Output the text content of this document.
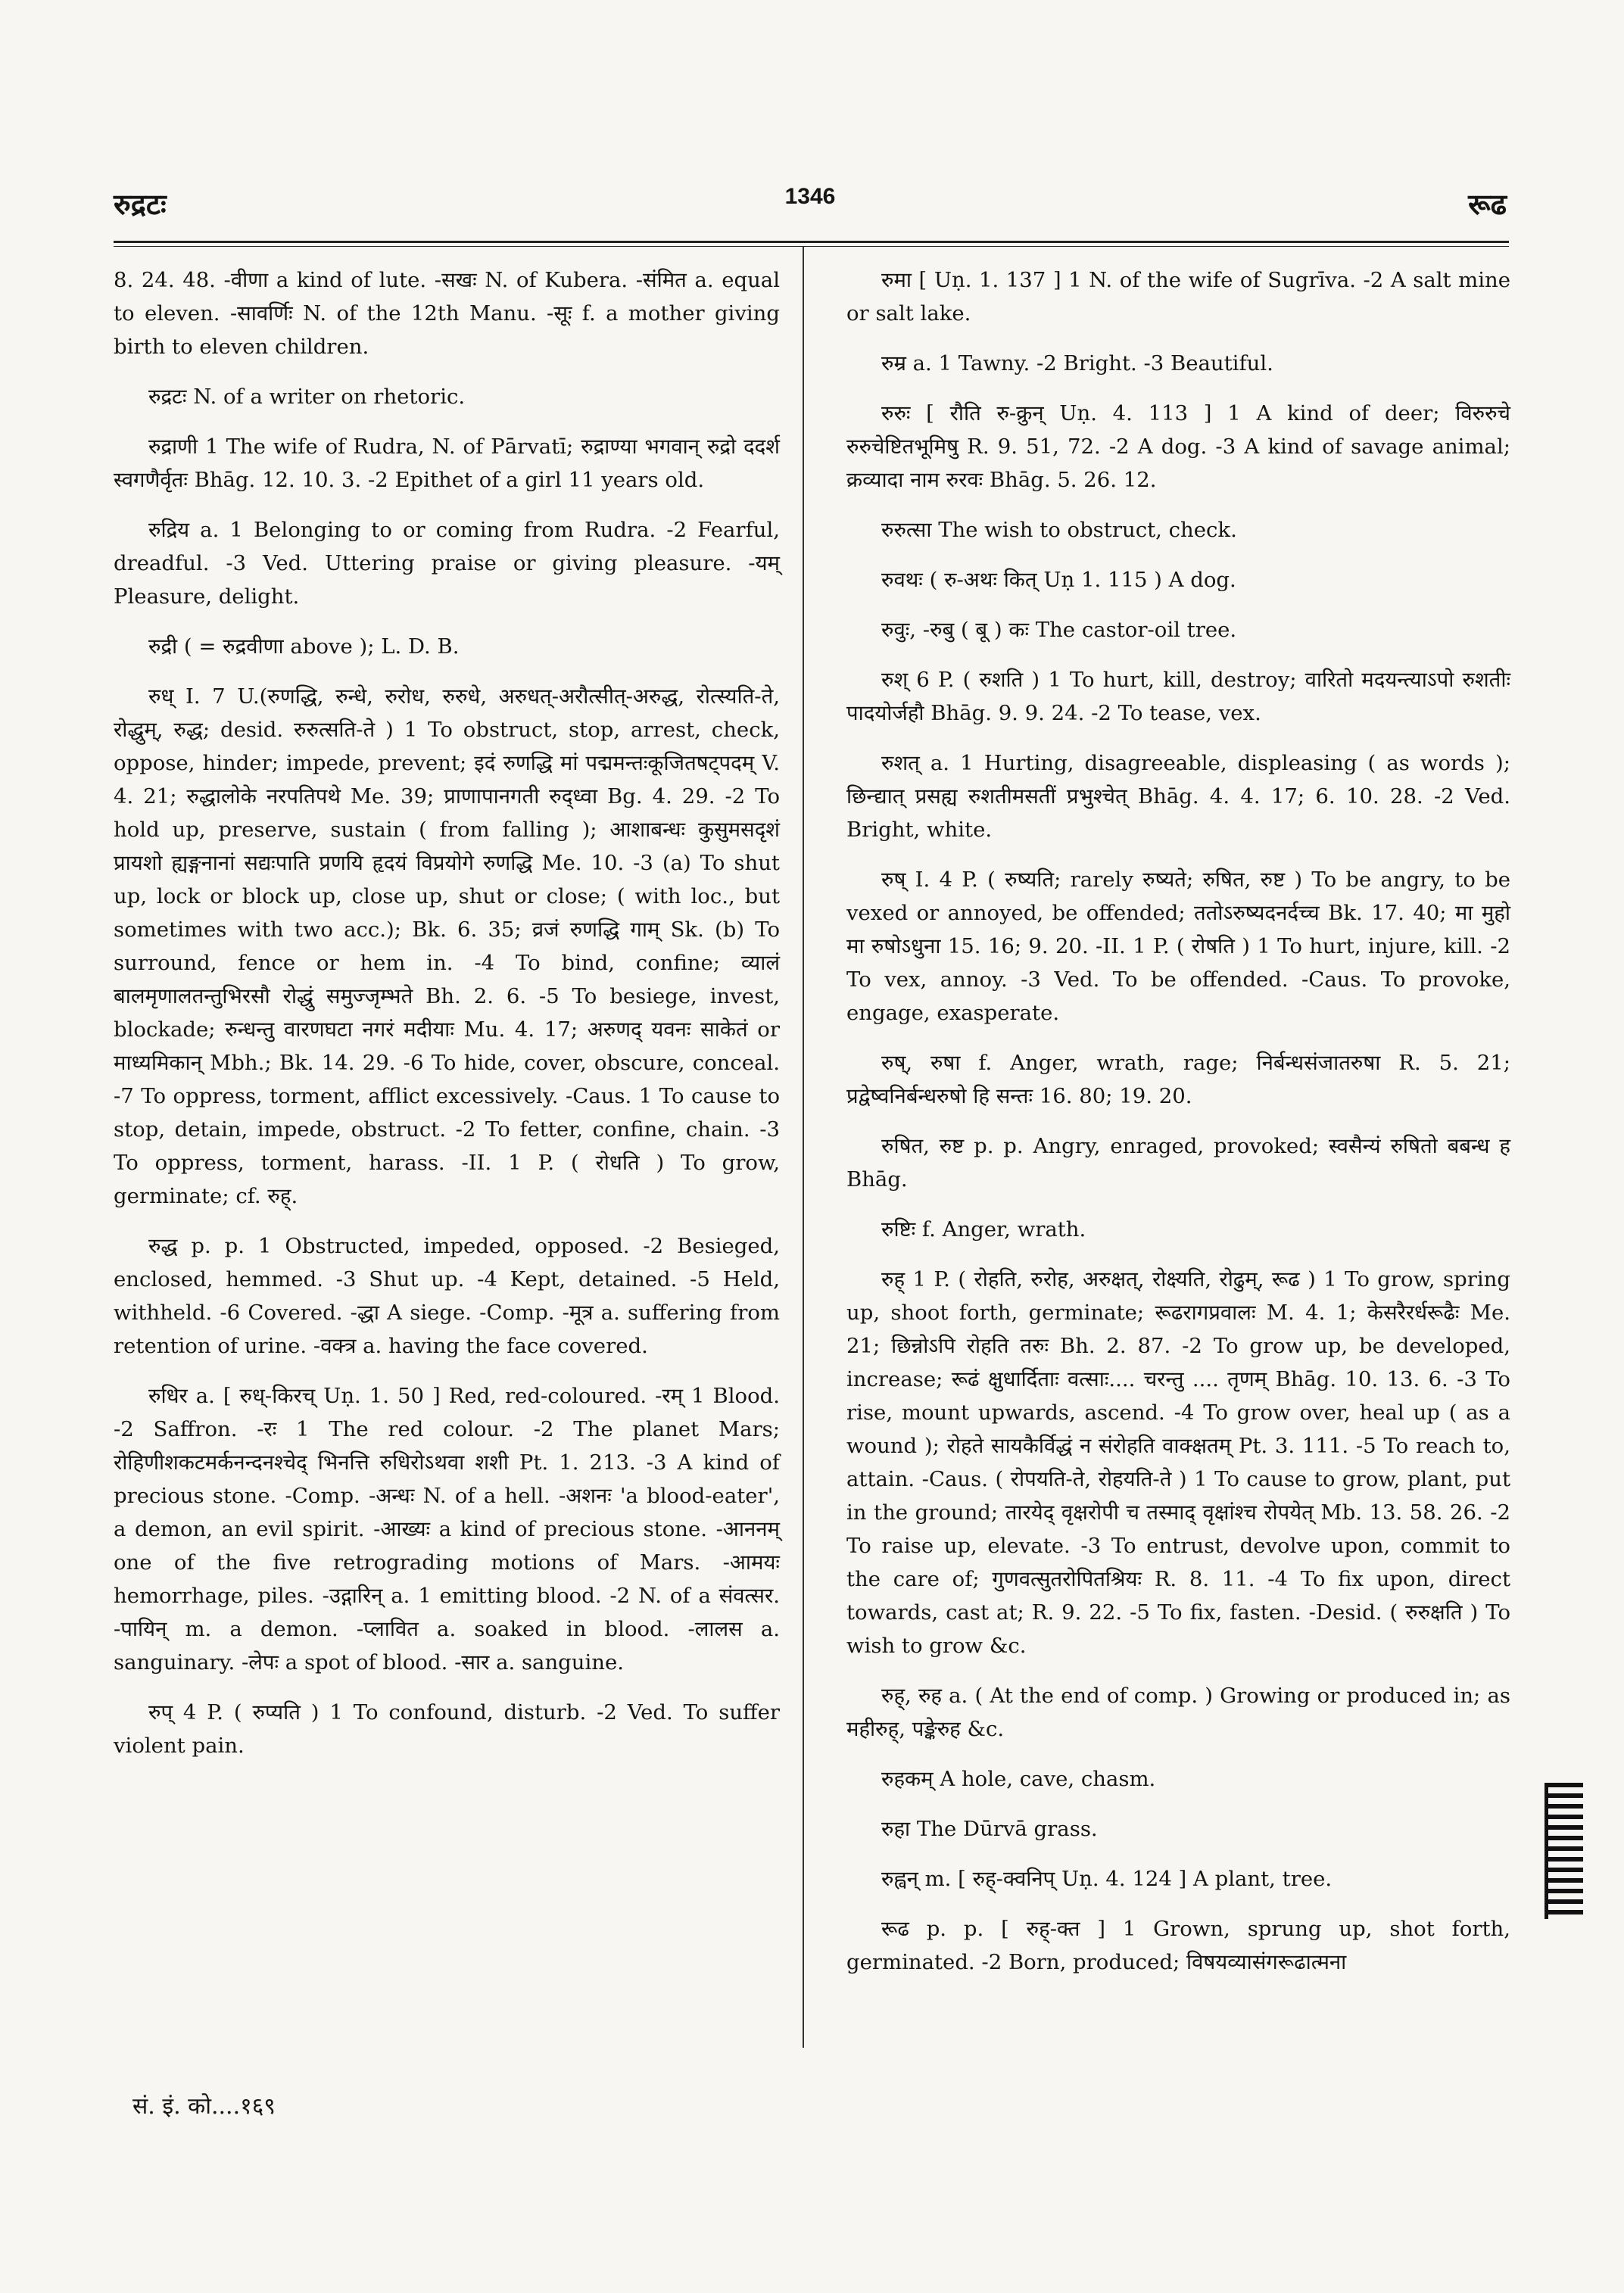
रुद्रटः	1346	रूढ

8. 24. 48. -वीणा a kind of lute. -सखः N. of Kubera. -संमित a. equal to eleven. -सावर्णिः N. of the 12th Manu. -सूः f. a mother giving birth to eleven children.

रुद्रटः N. of a writer on rhetoric.

रुद्राणी 1 The wife of Rudra, N. of Pārvatī; रुद्राण्या भगवान् रुद्रो ददर्श स्वगणैर्वृतः Bhāg. 12. 10. 3. -2 Epithet of a girl 11 years old.

रुद्रिय a. 1 Belonging to or coming from Rudra. -2 Fearful, dreadful. -3 Ved. Uttering praise or giving pleasure. -यम् Pleasure, delight.

रुद्री ( = रुद्रवीणा above ); L. D. B.

रुध् I. 7 U.(रुणद्धि, रुन्धे, रुरोध, रुरुधे, अरुधत्-अरौत्सीत्-अरुद्ध, रोत्स्यति-ते, रोद्धुम्, रुद्ध; desid. रुरुत्सति-ते ) 1 To obstruct, stop, arrest, check, oppose, hinder; impede, prevent; इदं रुणद्धि मां पद्ममन्तःकूजितषट्पदम् V. 4. 21; रुद्धालोके नरपतिपथे Me. 39; प्राणापानगती रुद्ध्वा Bg. 4. 29. -2 To hold up, preserve, sustain ( from falling ); आशाबन्धः कुसुमसदृशं प्रायशो ह्यङ्गनानां सद्यःपाति प्रणयि हृदयं विप्रयोगे रुणद्धि Me. 10. -3 (a) To shut up, lock or block up, close up, shut or close; ( with loc., but sometimes with two acc.); Bk. 6. 35; व्रजं रुणद्धि गाम् Sk. (b) To surround, fence or hem in. -4 To bind, confine; व्यालं बालमृणालतन्तुभिरसौ रोद्धुं समुज्जृम्भते Bh. 2. 6. -5 To besiege, invest, blockade; रुन्धन्तु वारणघटा नगरं मदीयाः Mu. 4. 17; अरुणद् यवनः साकेतं or माध्यमिकान् Mbh.; Bk. 14. 29. -6 To hide, cover, obscure, conceal. -7 To oppress, torment, afflict excessively. -Caus. 1 To cause to stop, detain, impede, obstruct. -2 To fetter, confine, chain. -3 To oppress, torment, harass. -II. 1 P. ( रोधति ) To grow, germinate; cf. रुह्.

रुद्ध p. p. 1 Obstructed, impeded, opposed. -2 Besieged, enclosed, hemmed. -3 Shut up. -4 Kept, detained. -5 Held, withheld. -6 Covered. -द्धा A siege. -Comp. -मूत्र a. suffering from retention of urine. -वक्त्र a. having the face covered.

रुधिर a. [ रुध्-किरच् Uṇ. 1. 50 ] Red, red-coloured. -रम् 1 Blood. -2 Saffron. -रः 1 The red colour. -2 The planet Mars; रोहिणीशकटमर्कनन्दनश्चेद् भिनत्ति रुधिरोऽथवा शशी Pt. 1. 213. -3 A kind of precious stone. -Comp. -अन्धः N. of a hell. -अशनः 'a blood-eater', a demon, an evil spirit. -आख्यः a kind of precious stone. -आननम् one of the five retrograding motions of Mars. -आमयः hemorrhage, piles. -उद्गारिन् a. 1 emitting blood. -2 N. of a संवत्सर. -पायिन् m. a demon. -प्लावित a. soaked in blood. -लालस a. sanguinary. -लेपः a spot of blood. -सार a. sanguine.

रुप् 4 P. ( रुप्यति ) 1 To confound, disturb. -2 Ved. To suffer violent pain.

रुमा [ Uṇ. 1. 137 ] 1 N. of the wife of Sugrīva. -2 A salt mine or salt lake.

रुम्र a. 1 Tawny. -2 Bright. -3 Beautiful.

रुरुः [ रौति रु-क्रुन् Uṇ. 4. 113 ] 1 A kind of deer; विरुरुचे रुरुचेष्टितभूमिषु R. 9. 51, 72. -2 A dog. -3 A kind of savage animal; क्रव्यादा नाम रुरवः Bhāg. 5. 26. 12.

रुरुत्सा The wish to obstruct, check.

रुवथः ( रु-अथः कित् Uṇ 1. 115 ) A dog.

रुवुः, -रुबु ( बू ) कः The castor-oil tree.

रुश् 6 P. ( रुशति ) 1 To hurt, kill, destroy; वारितो मदयन्त्याऽपो रुशतीः पादयोर्जहौ Bhāg. 9. 9. 24. -2 To tease, vex.

रुशत् a. 1 Hurting, disagreeable, displeasing ( as words ); छिन्द्यात् प्रसह्य रुशतीमसतीं प्रभुश्चेत् Bhāg. 4. 4. 17; 6. 10. 28. -2 Ved. Bright, white.

रुष् I. 4 P. ( रुष्यति; rarely रुष्यते; रुषित, रुष्ट ) To be angry, to be vexed or annoyed, be offended; ततोऽरुष्यदनर्दच्च Bk. 17. 40; मा मुहो मा रुषोऽधुना 15. 16; 9. 20. -II. 1 P. ( रोषति ) 1 To hurt, injure, kill. -2 To vex, annoy. -3 Ved. To be offended. -Caus. To provoke, engage, exasperate.

रुष्, रुषा f. Anger, wrath, rage; निर्बन्धसंजातरुषा R. 5. 21; प्रद्वेष्वनिर्बन्धरुषो हि सन्तः 16. 80; 19. 20.

रुषित, रुष्ट p. p. Angry, enraged, provoked; स्वसैन्यं रुषितो बबन्ध ह Bhāg.

रुष्टिः f. Anger, wrath.

रुह् 1 P. ( रोहति, रुरोह, अरुक्षत्, रोक्ष्यति, रोढुम्, रूढ ) 1 To grow, spring up, shoot forth, germinate; रूढरागप्रवालः M. 4. 1; केसरैरर्धरूढैः Me. 21; छिन्नोऽपि रोहति तरुः Bh. 2. 87. -2 To grow up, be developed, increase; रूढं क्षुधार्दिताः वत्साः.... चरन्तु .... तृणम् Bhāg. 10. 13. 6. -3 To rise, mount upwards, ascend. -4 To grow over, heal up ( as a wound ); रोहते सायकैर्विद्धं न संरोहति वाक्क्षतम् Pt. 3. 111. -5 To reach to, attain. -Caus. ( रोपयति-ते, रोहयति-ते ) 1 To cause to grow, plant, put in the ground; तारयेद् वृक्षरोपी च तस्माद् वृक्षांश्च रोपयेत् Mb. 13. 58. 26. -2 To raise up, elevate. -3 To entrust, devolve upon, commit to the care of; गुणवत्सुतरोपितश्रियः R. 8. 11. -4 To fix upon, direct towards, cast at; R. 9. 22. -5 To fix, fasten. -Desid. ( रुरुक्षति ) To wish to grow &c.

रुह्, रुह a. ( At the end of comp. ) Growing or produced in; as महीरुह्, पङ्केरुह &c.

रुहकम् A hole, cave, chasm.

रुहा The Dūrvā grass.

रुह्वन् m. [ रुह्-क्वनिप् Uṇ. 4. 124 ] A plant, tree.

रूढ p. p. [ रुह्-क्त ] 1 Grown, sprung up, shot forth, germinated. -2 Born, produced; विषयव्यासंगरूढात्मना

सं. इं. को....१६९
